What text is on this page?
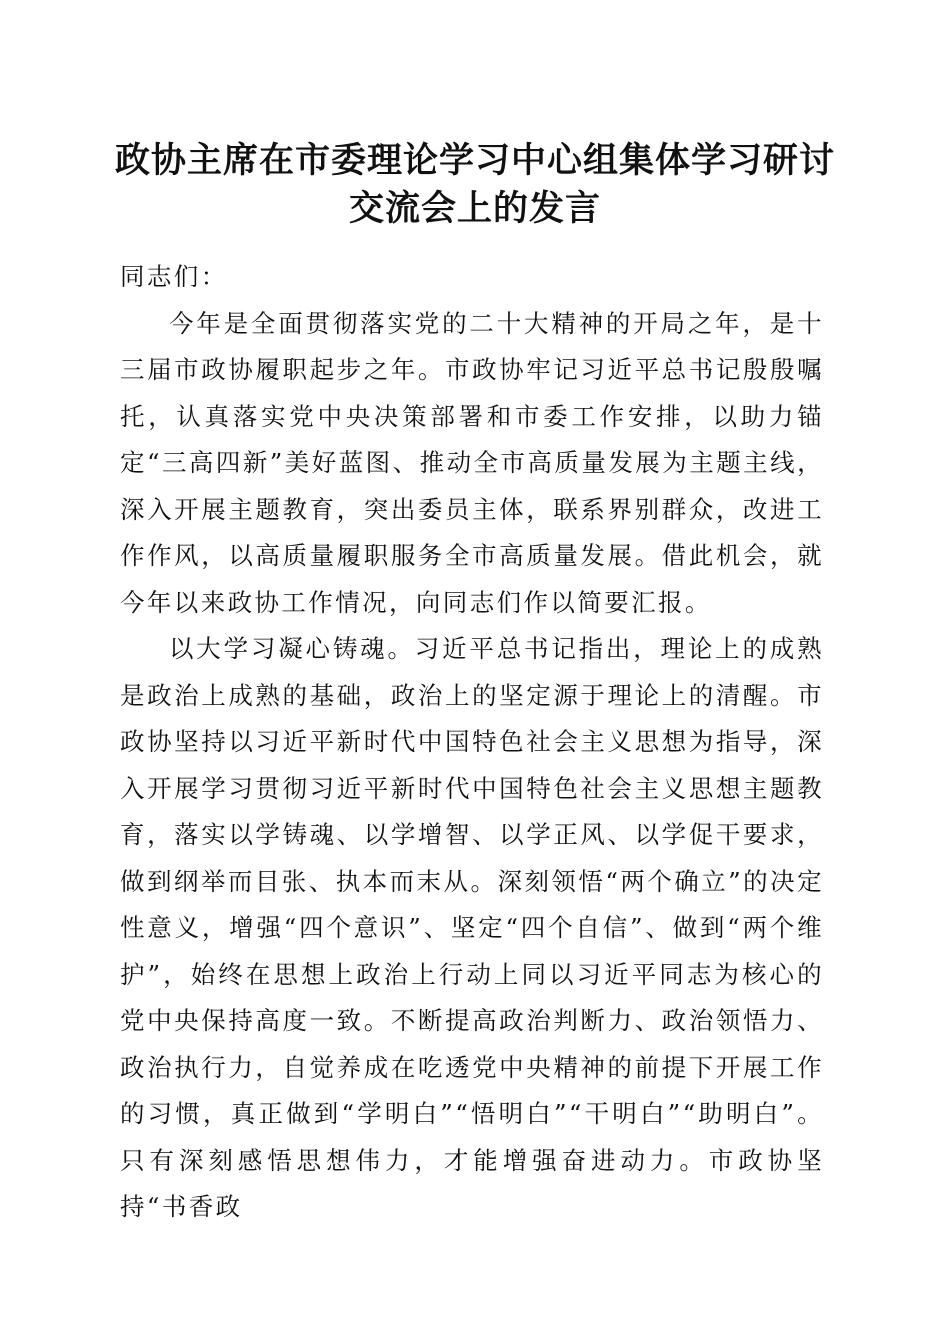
政协主席在市委理论学习中心组集体学习研讨

交流会上的发言

同志们：

今年是全面贯彻落实党的二十大精神的开局之年，是十三届市政协履职起步之年。市政协牢记习近平总书记殷殷嘱托，认真落实党中央决策部署和市委工作安排，以助力锚定“三高四新”美好蓝图、推动全市高质量发展为主题主线，深入开展主题教育，突出委员主体，联系界别群众，改进工作作风，以高质量履职服务全市高质量发展。借此机会，就今年以来政协工作情况，向同志们作以简要汇报。

以大学习凝心铸魂。习近平总书记指出，理论上的成熟是政治上成熟的基础，政治上的坚定源于理论上的清醒。市政协坚持以习近平新时代中国特色社会主义思想为指导，深入开展学习贯彻习近平新时代中国特色社会主义思想主题教育，落实以学铸魂、以学增智、以学正风、以学促干要求，做到纲举而目张、执本而末从。深刻领悟“两个确立”的决定性意义，增强“四个意识”、坚定“四个自信”、做到“两个维护”，始终在思想上政治上行动上同以习近平同志为核心的党中央保持高度一致。不断提高政治判断力、政治领悟力、政治执行力，自觉养成在吃透党中央精神的前提下开展工作的习惯，真正做到“学明白”“悟明白”“干明白”“助明白”。只有深刻感悟思想伟力，才能增强奋进动力。市政协坚持“书香政
